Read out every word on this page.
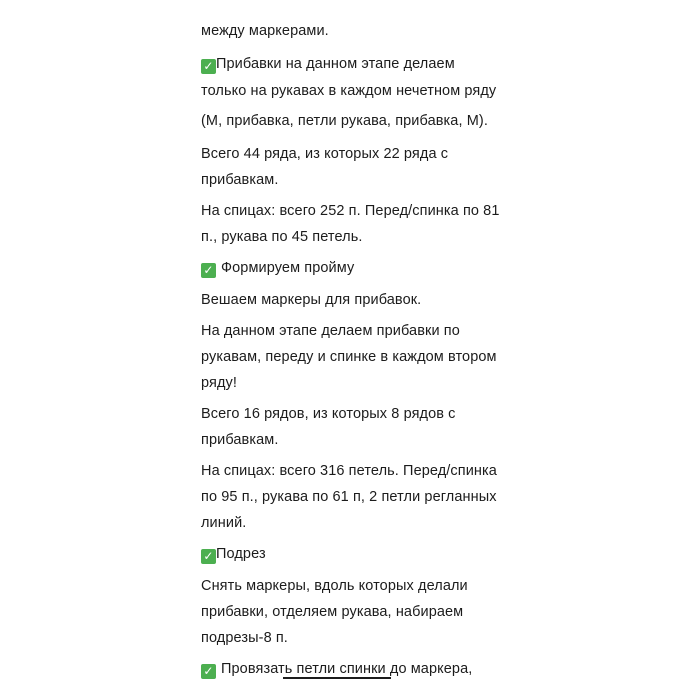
между маркерами.
✓ Прибавки на данном этапе делаем
только на рукавах в каждом нечетном ряду
(М, прибавка, петли рукава, прибавка, М).
Всего 44 ряда, из которых 22 ряда с
прибавкам.
На спицах: всего 252 п. Перед/спинка по 81
п., рукава по 45 петель.
✓ Формируем пройму
Вешаем маркеры для прибавок.
На данном этапе делаем прибавки по
рукавам, переду и спинке в каждом втором
ряду!
Всего 16 рядов, из которых 8 рядов с
прибавкам.
На спицах: всего 316 петель. Перед/спинка
по 95 п., рукава по 61 п, 2 петли регланных
линий.
✓ Подрез
Снять маркеры, вдоль которых делали
прибавки, отделяем рукава, набираем
подрезы-8 п.
✓ Провязать петли спинки до маркера,
